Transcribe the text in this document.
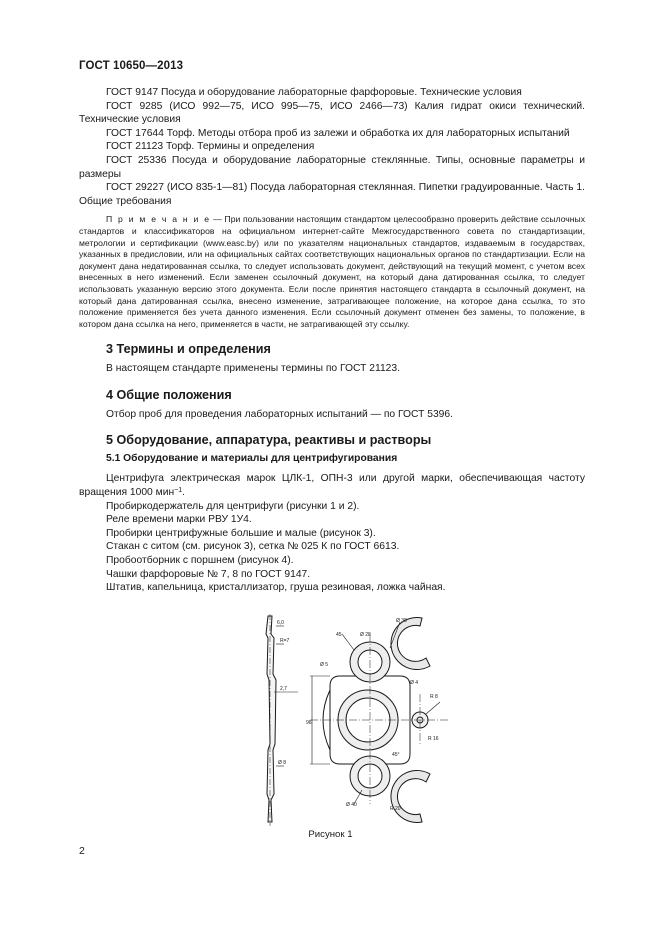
ГОСТ 10650—2013

ГОСТ 9147 Посуда и оборудование лабораторные фарфоровые. Технические условия

ГОСТ 9285 (ИСО 992—75, ИСО 995—75, ИСО 2466—73) Калия гидрат окиси технический. Технические условия

ГОСТ 17644 Торф. Методы отбора проб из залежи и обработка их для лабораторных испытаний

ГОСТ 21123 Торф. Термины и определения

ГОСТ 25336 Посуда и оборудование лабораторные стеклянные. Типы, основные параметры и размеры

ГОСТ 29227 (ИСО 835-1—81) Посуда лабораторная стеклянная. Пипетки градуированные. Часть 1. Общие требования

П р и м е ч а н и е — При пользовании настоящим стандартом целесообразно проверить действие ссылочных стандартов и классификаторов на официальном интернет-сайте Межгосударственного совета по стандартизации, метрологии и сертификации (www.easc.by) или по указателям национальных стандартов, издаваемым в государствах, указанных в предисловии, или на официальных сайтах соответствующих национальных органов по стандартизации. Если на документ дана недатированная ссылка, то следует использовать документ, действующий на текущий момент, с учетом всех внесенных в него изменений. Если заменен ссылочный документ, на который дана датированная ссылка, то следует использовать указанную версию этого документа. Если после принятия настоящего стандарта в ссылочный документ, на который дана датированная ссылка, внесено изменение, затрагивающее положение, на которое дана ссылка, то это положение применяется без учета данного изменения. Если ссылочный документ отменен без замены, то положение, в котором дана ссылка на него, применяется в части, не затрагивающей эту ссылку.

3 Термины и определения

В настоящем стандарте применены термины по ГОСТ 21123.

4 Общие положения

Отбор проб для проведения лабораторных испытаний — по ГОСТ 5396.

5 Оборудование, аппаратура, реактивы и растворы
5.1 Оборудование и материалы для центрифугирования

Центрифуга электрическая марок ЦЛК-1, ОПН-3 или другой марки, обеспечивающая частоту вращения 1000 мин$^{-1}$.

Пробиркодержатель для центрифуги (рисунки 1 и 2).

Реле времени марки РВУ 1У4.

Пробирки центрифужные большие и малые (рисунок 3).

Стакан с ситом (см. рисунок 3), сетка № 025 К по ГОСТ 6613.

Пробоотборник с поршнем (рисунок 4).

Чашки фарфоровые № 7, 8 по ГОСТ 9147.

Штатив, капельница, кристаллизатор, груша резиновая, ложка чайная.

6,0
R=7
2,7
Ø 8
Ø 28
Ø 38
45
Ø 5
Ø 4
96
R 8
R 16
Ø 40
45°
R 20
Рисунок 1
2
